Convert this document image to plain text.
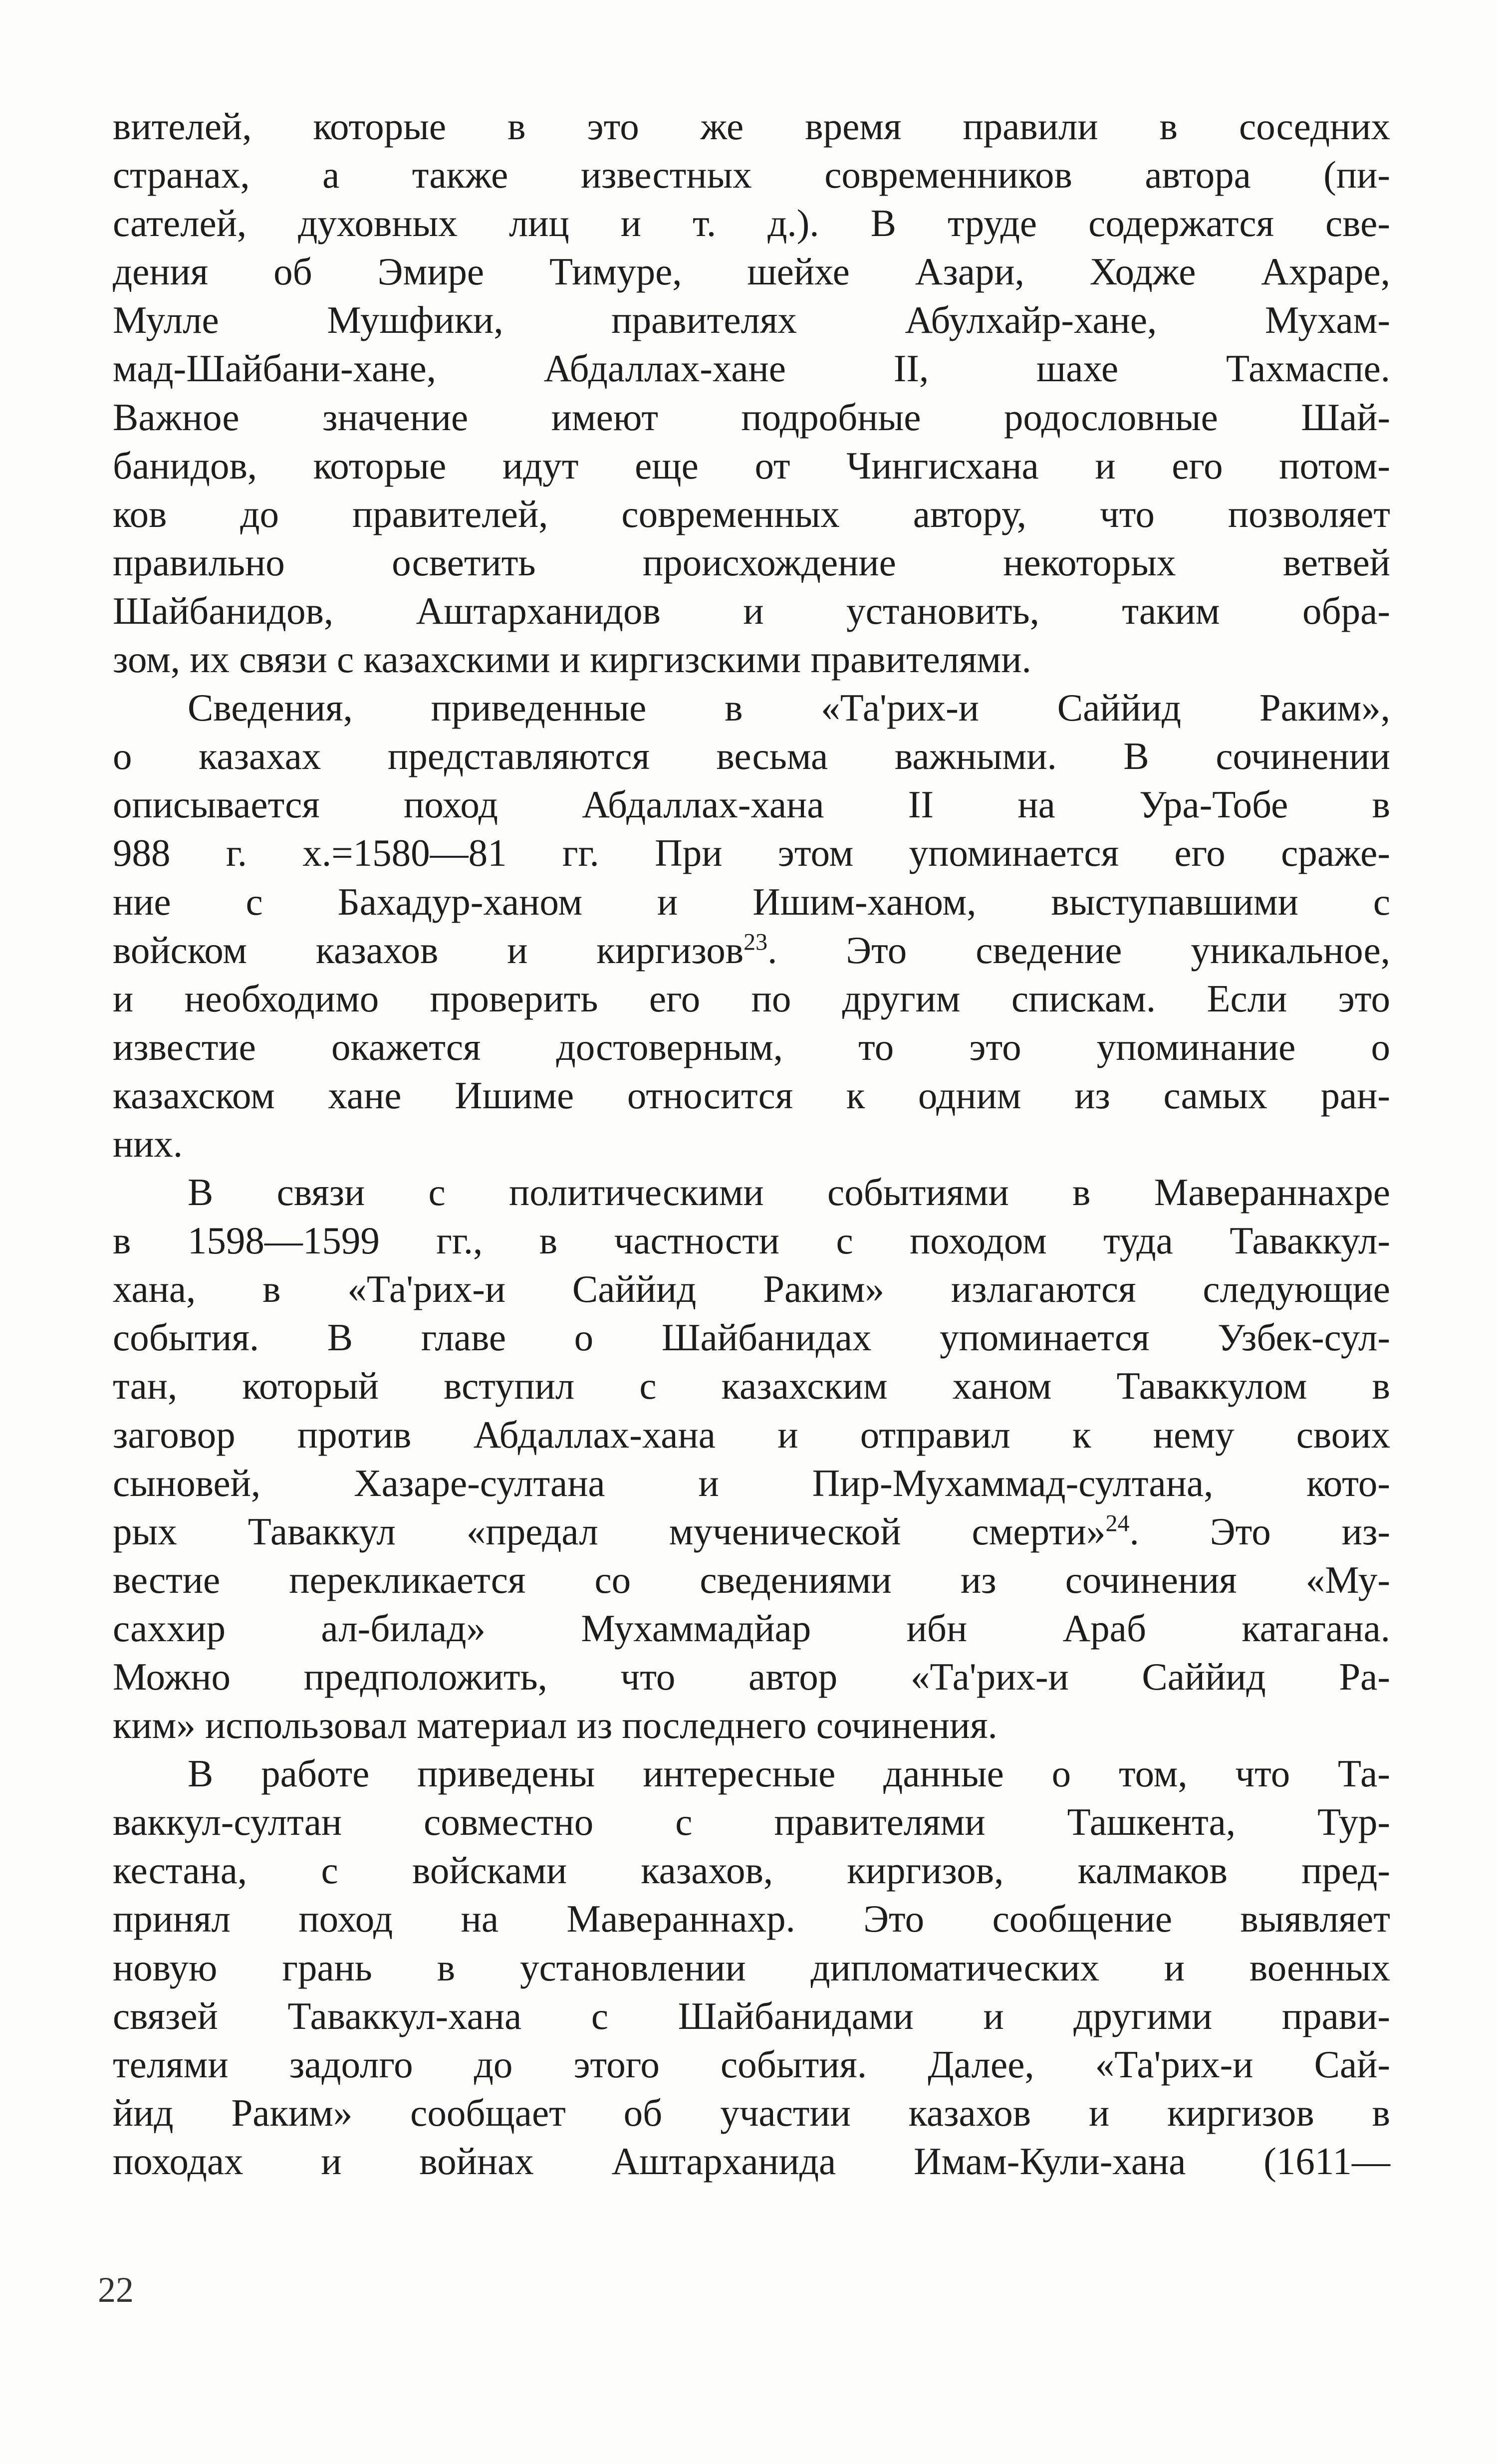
вителей, которые в это же время правили в соседних
странах, а также известных современников автора (пи-
сателей, духовных лиц и т. д.). В труде содержатся све-
дения об Эмире Тимуре, шейхе Азари, Ходже Ахраре,
Мулле Мушфики, правителях Абулхайр-хане, Мухам-
мад-Шайбани-хане, Абдаллах-хане II, шахе Тахмаспе.
Важное значение имеют подробные родословные Шай-
банидов, которые идут еще от Чингисхана и его потом-
ков до правителей, современных автору, что позволяет
правильно осветить происхождение некоторых ветвей
Шайбанидов, Аштарханидов и установить, таким обра-
зом, их связи с казахскими и киргизскими правителями.
Сведения, приведенные в «Та'рих-и Саййид Раким»,
о казахах представляются весьма важными. В сочинении
описывается поход Абдаллах-хана II на Ура-Тобе в
988 г. х.=1580—81 гг. При этом упоминается его сраже-
ние с Бахадур-ханом и Ишим-ханом, выступавшими с
войском казахов и киргизов$^{23}$. Это сведение уникальное,
и необходимо проверить его по другим спискам. Если это
известие окажется достоверным, то это упоминание о
казахском хане Ишиме относится к одним из самых ран-
них.
В связи с политическими событиями в Мавераннахре
в 1598—1599 гг., в частности с походом туда Таваккул-
хана, в «Та'рих-и Саййид Раким» излагаются следующие
события. В главе о Шайбанидах упоминается Узбек-сул-
тан, который вступил с казахским ханом Таваккулом в
заговор против Абдаллах-хана и отправил к нему своих
сыновей, Хазаре-султана и Пир-Мухаммад-султана, кото-
рых Таваккул «предал мученической смерти»$^{24}$. Это из-
вестие перекликается со сведениями из сочинения «Му-
саххир ал-билад» Мухаммадйар ибн Араб катагана.
Можно предположить, что автор «Та'рих-и Саййид Ра-
ким» использовал материал из последнего сочинения.
В работе приведены интересные данные о том, что Та-
ваккул-султан совместно с правителями Ташкента, Тур-
кестана, с войсками казахов, киргизов, калмаков пред-
принял поход на Мавераннахр. Это сообщение выявляет
новую грань в установлении дипломатических и военных
связей Таваккул-хана с Шайбанидами и другими прави-
телями задолго до этого события. Далее, «Та'рих-и Сай-
йид Раким» сообщает об участии казахов и киргизов в
походах и войнах Аштарханида Имам-Кули-хана (1611—
22
